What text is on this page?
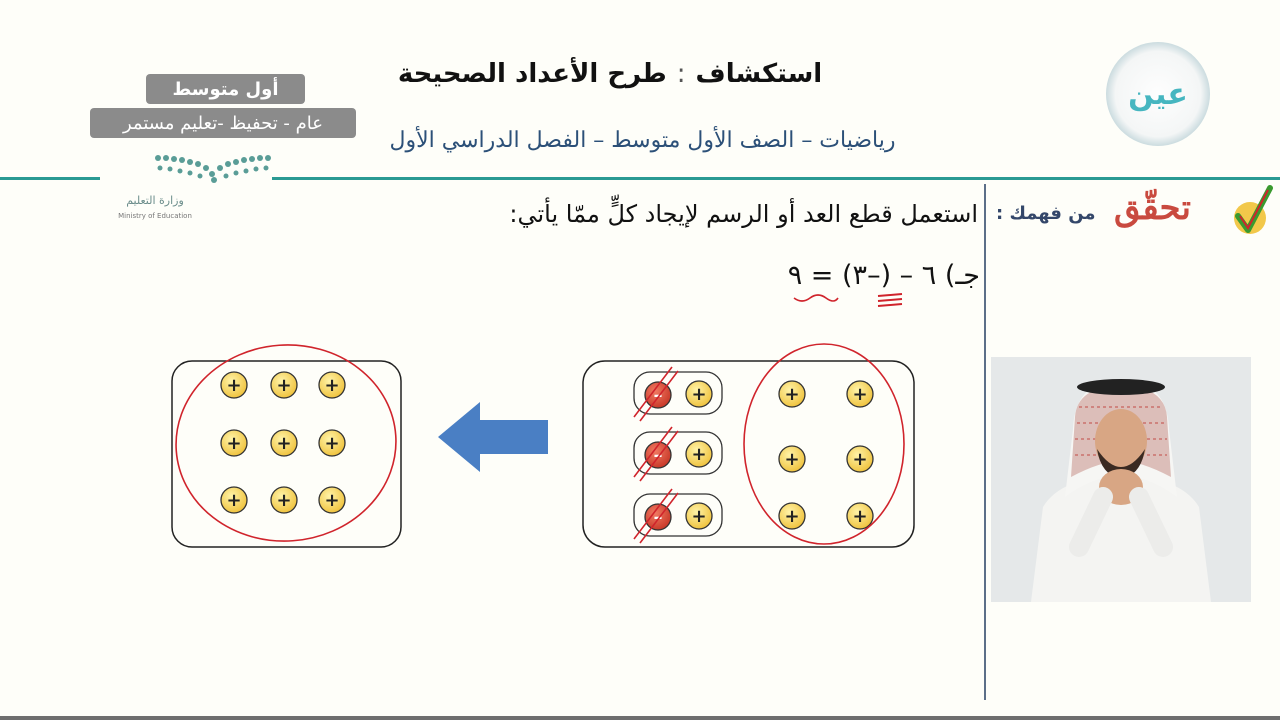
استكشاف
:
طرح الأعداد الصحيحة
رياضيات – الصف الأول متوسط – الفصل الدراسي الأول
أول متوسط
عام - تحفيظ -تعليم مستمر
وزارة التعليم
Ministry of Education
عين
تحقّق
من فهمك :
استعمل قطع العد أو الرسم لإيجاد كلٍّ ممّا يأتي:
جـ) ٦ – (–٣) = ٩
+ + +
+ + +
+ + +
– +
– +
– +
+	+
+	+
+	+
